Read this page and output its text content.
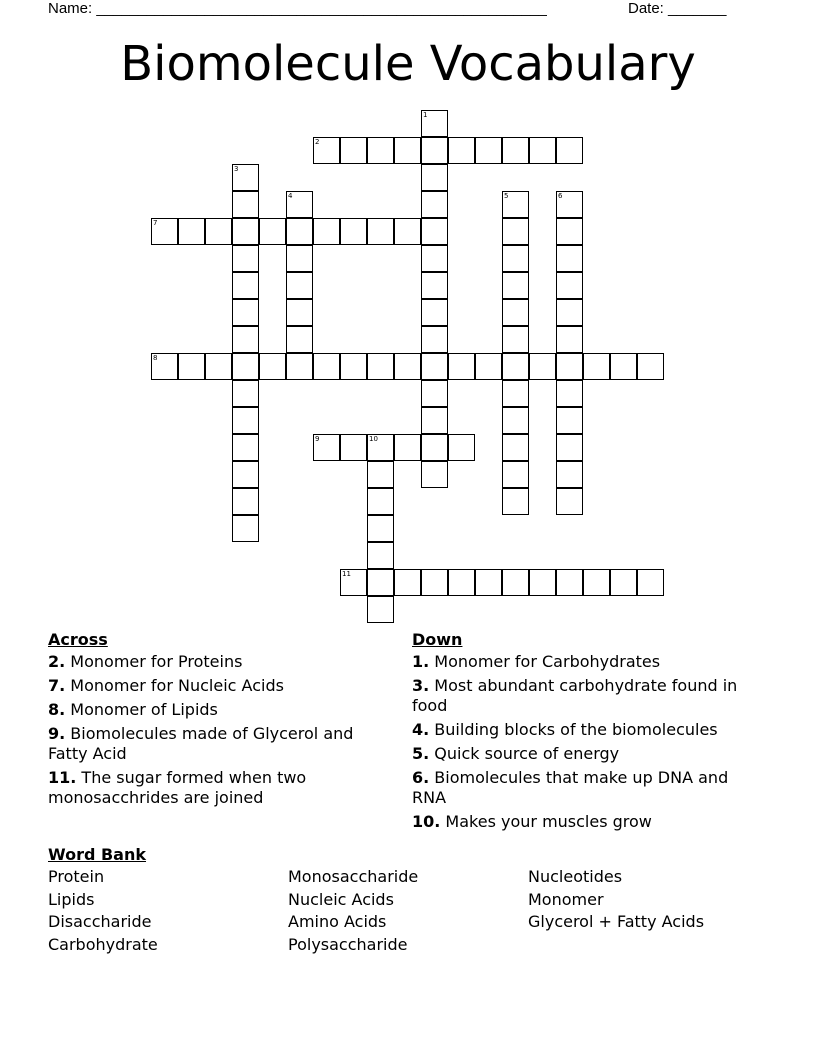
Name: ______________________________________________________	Date: _______
Biomolecule Vocabulary
1
2
3
4	5	6
7
8
9	10
11
Across
2. Monomer for Proteins
7. Monomer for Nucleic Acids
8. Monomer of Lipids
9. Biomolecules made of Glycerol and Fatty Acid
11. The sugar formed when two monosacchrides are joined
Down
1. Monomer for Carbohydrates
3. Most abundant carbohydrate found in food
4. Building blocks of the biomolecules
5. Quick source of energy
6. Biomolecules that make up DNA and RNA
10. Makes your muscles grow
Word Bank
Protein
Lipids
Disaccharide
Carbohydrate
Monosaccharide
Nucleic Acids
Amino Acids
Polysaccharide
Nucleotides
Monomer
Glycerol + Fatty Acids
